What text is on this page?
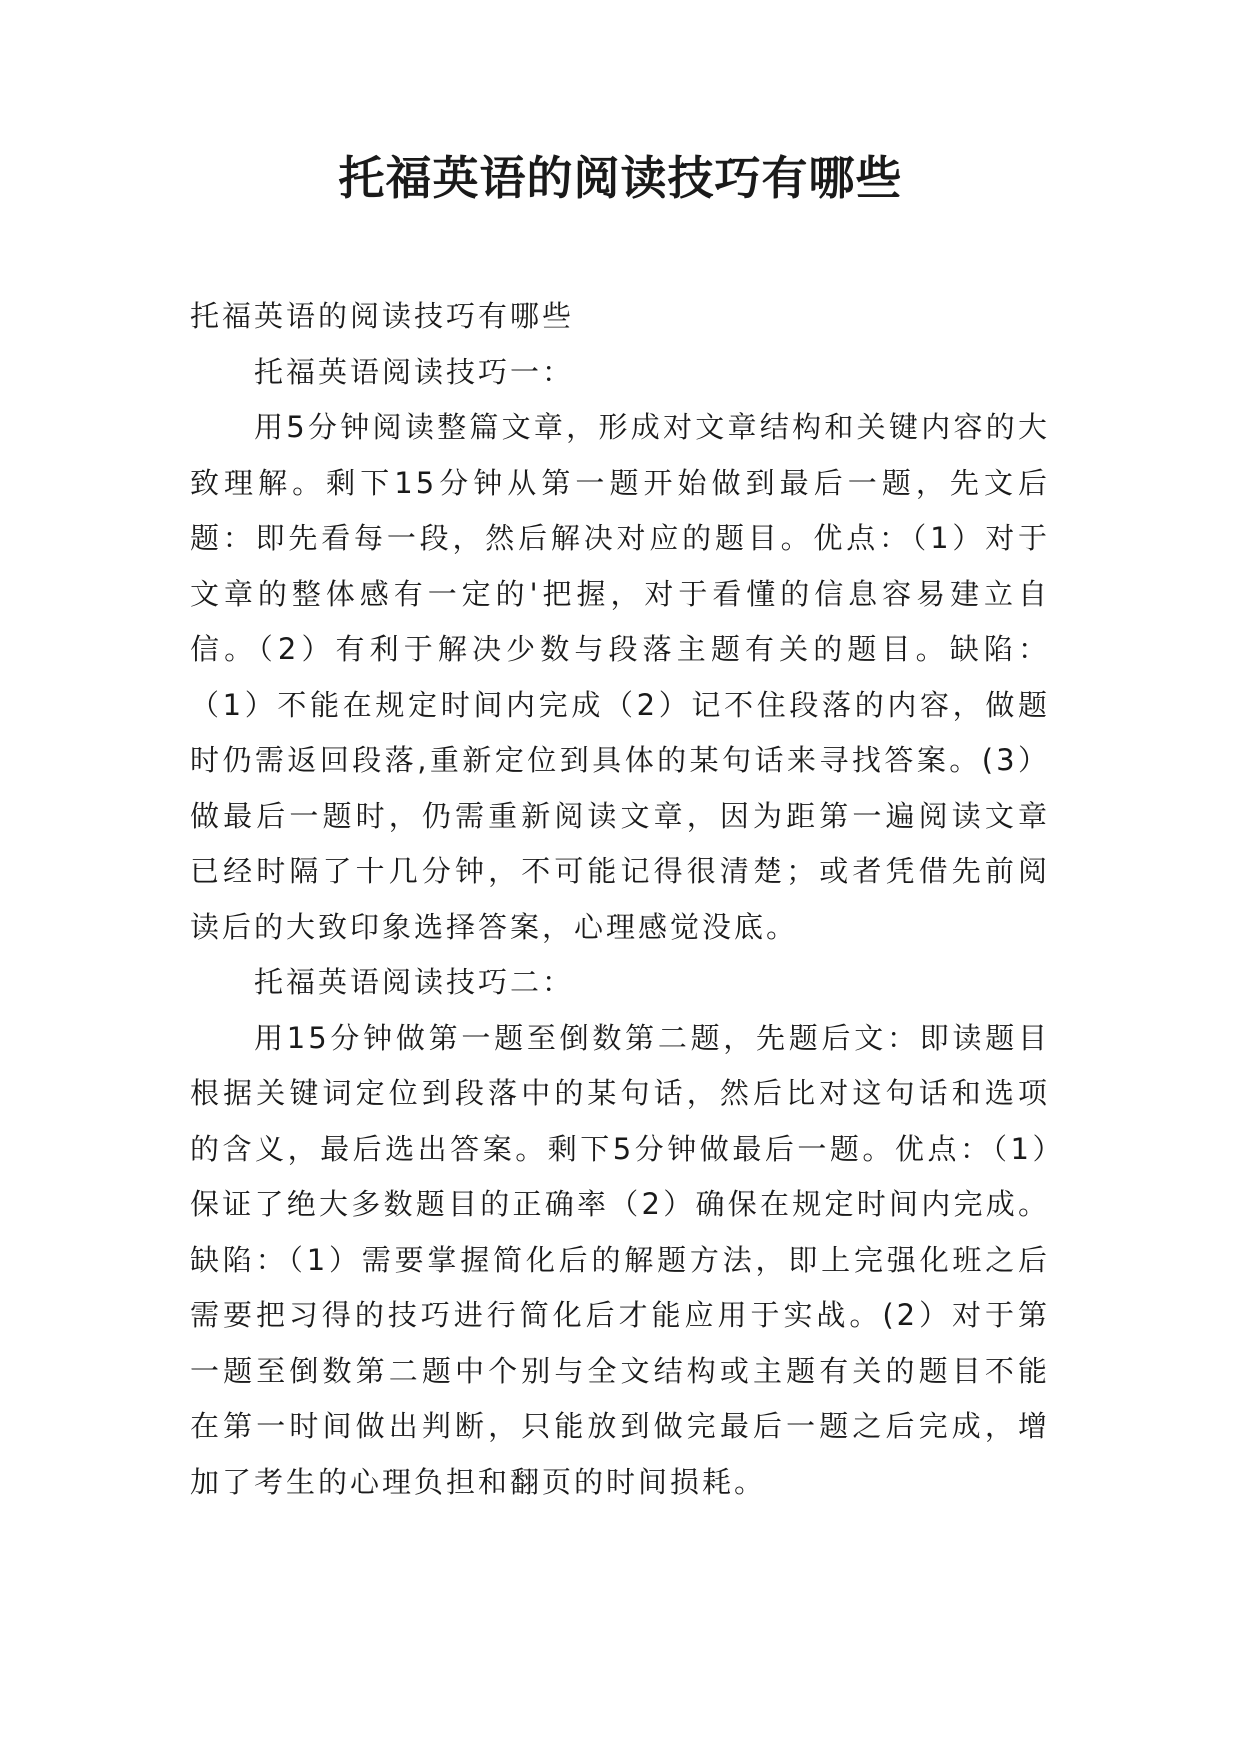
托福英语的阅读技巧有哪些

托福英语的阅读技巧有哪些

托福英语阅读技巧一：

用5分钟阅读整篇文章，形成对文章结构和关键内容的大致理解。剩下15分钟从第一题开始做到最后一题，先文后题：即先看每一段，然后解决对应的题目。优点：（1）对于文章的整体感有一定的'把握，对于看懂的信息容易建立自信。（2）有利于解决少数与段落主题有关的题目。缺陷：（1）不能在规定时间内完成（2）记不住段落的内容，做题时仍需返回段落,重新定位到具体的某句话来寻找答案。(3）做最后一题时，仍需重新阅读文章，因为距第一遍阅读文章已经时隔了十几分钟，不可能记得很清楚；或者凭借先前阅读后的大致印象选择答案，心理感觉没底。

托福英语阅读技巧二：

用15分钟做第一题至倒数第二题，先题后文：即读题目根据关键词定位到段落中的某句话，然后比对这句话和选项的含义，最后选出答案。剩下5分钟做最后一题。优点：（1）保证了绝大多数题目的正确率（2）确保在规定时间内完成。缺陷：（1）需要掌握简化后的解题方法，即上完强化班之后需要把习得的技巧进行简化后才能应用于实战。(2）对于第一题至倒数第二题中个别与全文结构或主题有关的题目不能在第一时间做出判断，只能放到做完最后一题之后完成，增加了考生的心理负担和翻页的时间损耗。
